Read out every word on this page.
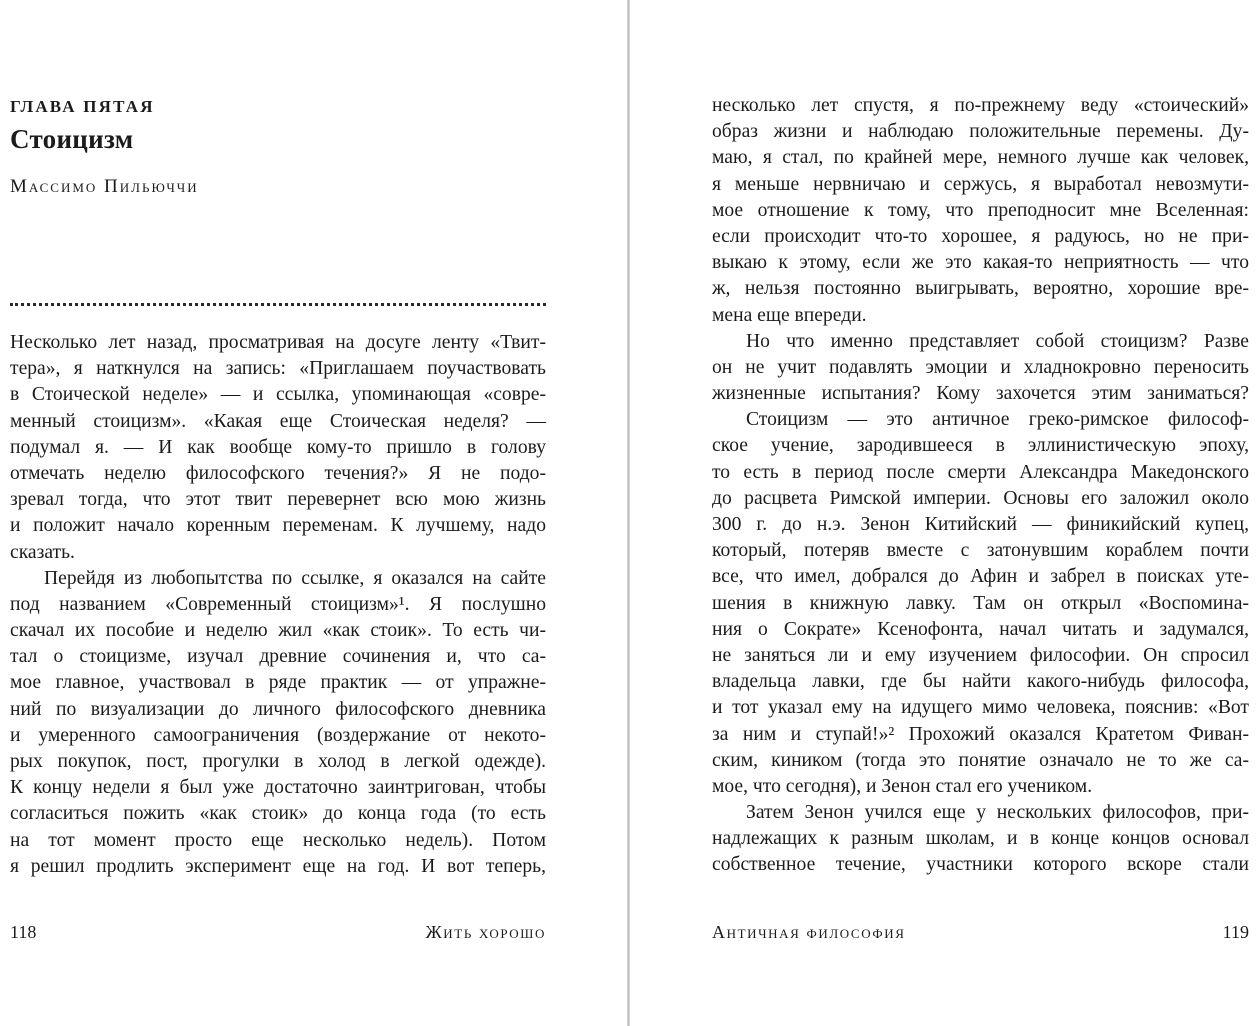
ГЛАВА ПЯТАЯ
Стоицизм
Массимо Пильюччи
Несколько лет назад, просматривая на досуге ленту «Твит-
тера», я наткнулся на запись: «Приглашаем поучаствовать
в Стоической неделе» — и ссылка, упоминающая «совре-
менный стоицизм». «Какая еще Стоическая неделя? —
подумал я. — И как вообще кому-то пришло в голову
отмечать неделю философского течения?» Я не подо-
зревал тогда, что этот твит перевернет всю мою жизнь
и положит начало коренным переменам. К лучшему, надо
сказать.
Перейдя из любопытства по ссылке, я оказался на сайте
под названием «Современный стоицизм»¹. Я послушно
скачал их пособие и неделю жил «как стоик». То есть чи-
тал о стоицизме, изучал древние сочинения и, что са-
мое главное, участвовал в ряде практик — от упражне-
ний по визуализации до личного философского дневника
и умеренного самоограничения (воздержание от некото-
рых покупок, пост, прогулки в холод в легкой одежде).
К концу недели я был уже достаточно заинтригован, чтобы
согласиться пожить «как стоик» до конца года (то есть
на тот момент просто еще несколько недель). Потом
я решил продлить эксперимент еще на год. И вот теперь,
118	Жить хорошо
несколько лет спустя, я по-прежнему веду «стоический»
образ жизни и наблюдаю положительные перемены. Ду-
маю, я стал, по крайней мере, немного лучше как человек,
я меньше нервничаю и сержусь, я выработал невозмути-
мое отношение к тому, что преподносит мне Вселенная:
если происходит что-то хорошее, я радуюсь, но не при-
выкаю к этому, если же это какая-то неприятность — что
ж, нельзя постоянно выигрывать, вероятно, хорошие вре-
мена еще впереди.
Но что именно представляет собой стоицизм? Разве
он не учит подавлять эмоции и хладнокровно переносить
жизненные испытания? Кому захочется этим заниматься?
Стоицизм — это античное греко-римское философ-
ское учение, зародившееся в эллинистическую эпоху,
то есть в период после смерти Александра Македонского
до расцвета Римской империи. Основы его заложил около
300 г. до н.э. Зенон Китийский — финикийский купец,
который, потеряв вместе с затонувшим кораблем почти
все, что имел, добрался до Афин и забрел в поисках уте-
шения в книжную лавку. Там он открыл «Воспомина-
ния о Сократе» Ксенофонта, начал читать и задумался,
не заняться ли и ему изучением философии. Он спросил
владельца лавки, где бы найти какого-нибудь философа,
и тот указал ему на идущего мимо человека, пояснив: «Вот
за ним и ступай!»² Прохожий оказался Кратетом Фиван-
ским, киником (тогда это понятие означало не то же са-
мое, что сегодня), и Зенон стал его учеником.
Затем Зенон учился еще у нескольких философов, при-
надлежащих к разным школам, и в конце концов основал
собственное течение, участники которого вскоре стали
Античная философия	119
